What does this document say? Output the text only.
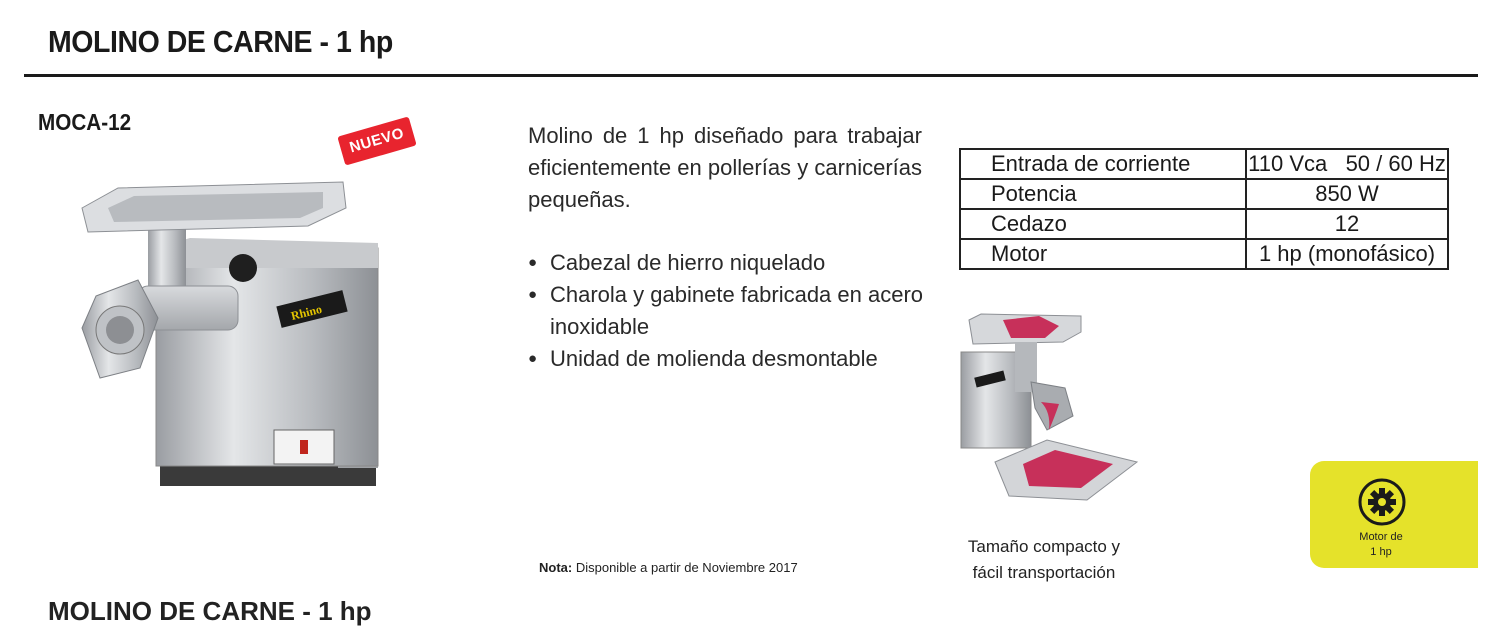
MOLINO DE CARNE - 1 hp
MOCA-12
Rhino
NUEVO	Molino de 1 hp diseñado para trabajar eficientemente en pollerías y carnicerías pequeñas.
● Cabezal de hierro niquelado
● Charola y gabinete fabricada en acero inoxidable
● Unidad de molienda desmontable
Entrada de corriente	110 Vca   50 / 60 Hz
Potencia	850 W
Cedazo	12
Motor	1 hp (monofásico)
Tamaño compacto y
fácil transportación
Nota: Disponible a partir de Noviembre 2017
Motor de
1 hp
MOLINO DE CARNE - 1 hp
